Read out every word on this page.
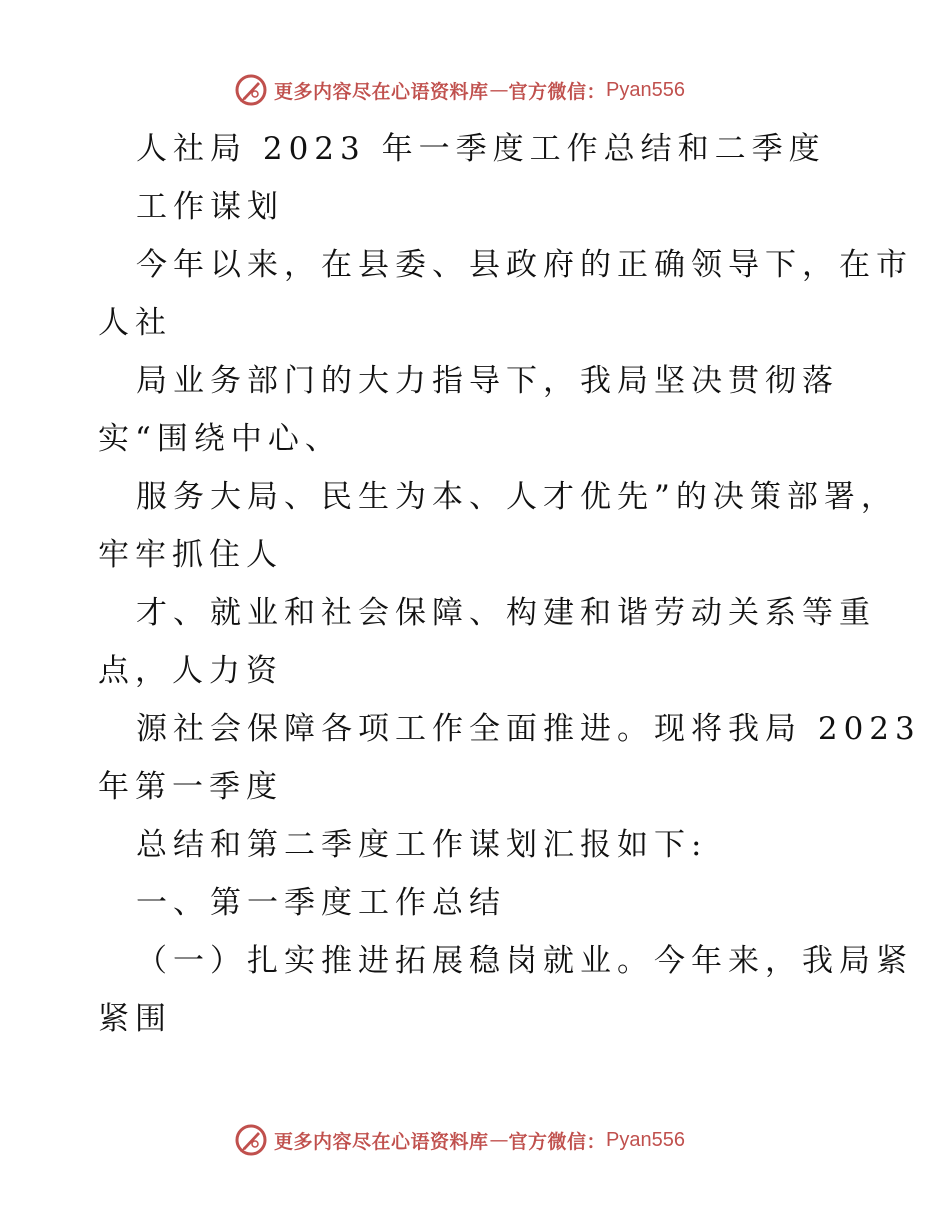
更多内容尽在心语资料库 — 官方微信： Pyan556
人社局 2023 年一季度工作总结和二季度
工作谋划
今年以来，在县委、县政府的正确领导下，在市
人社
局业务部门的大力指导下，我局坚决贯彻落
实“围绕中心、
服务大局、民生为本、人才优先”的决策部署，
牢牢抓住人
才、就业和社会保障、构建和谐劳动关系等重
点，人力资
源社会保障各项工作全面推进。现将我局 2023
年第一季度
总结和第二季度工作谋划汇报如下:
一、第一季度工作总结
（一）扎实推进拓展稳岗就业。今年来，我局紧
紧围
更多内容尽在心语资料库 — 官方微信： Pyan556
